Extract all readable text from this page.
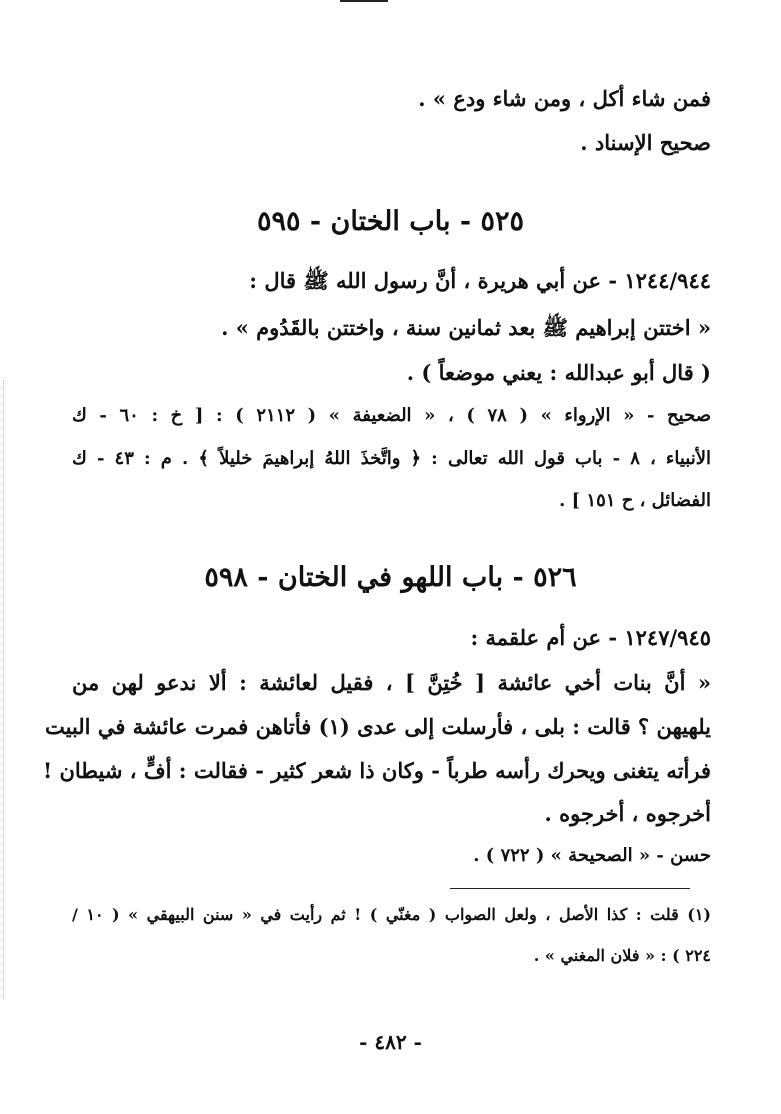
فمن شاء أكل ، ومن شاء ودع » .
صحيح الإسناد .
٥٢٥ - باب الختان - ٥٩٥
١٢٤٤/٩٤٤ - عن أبي هريرة ، أنَّ رسول الله ﷺ قال :
« اختتن إبراهيم ﷺ بعد ثمانين سنة ، واختتن بالقَدُوم » .
( قال أبو عبدالله : يعني موضعاً ) .
صحيح - « الإرواء » ( ٧٨ ) ، « الضعيفة » ( ٢١١٢ ) : [ خ : ٦٠ - ك
الأنبياء ، ٨ - باب قول الله تعالى : ﴿ واتَّخذَ اللهُ إبراهيمَ خليلاً ﴾ . م : ٤٣ - ك
الفضائل ، ح ١٥١ ] .
٥٢٦ - باب اللهو في الختان - ٥٩٨
١٢٤٧/٩٤٥ - عن أم علقمة :
« أنَّ بنات أخي عائشة [ خُتِنَّ ] ، فقيل لعائشة : ألا ندعو لهن من
يلهيهن ؟ قالت : بلى ، فأرسلت إلى عدى (١) فأتاهن فمرت عائشة في البيت
فرأته يتغنى ويحرك رأسه طرباً - وكان ذا شعر كثير - فقالت : أفٍّ ، شيطان !
أخرجوه ، أخرجوه .
حسن - « الصحيحة » ( ٧٢٢ ) .
(١) قلت : كذا الأصل ، ولعل الصواب ( مغنّي ) ! ثم رأيت في « سنن البيهقي » ( ١٠ /
٢٢٤ ) : « فلان المغني » .
- ٤٨٢ -
